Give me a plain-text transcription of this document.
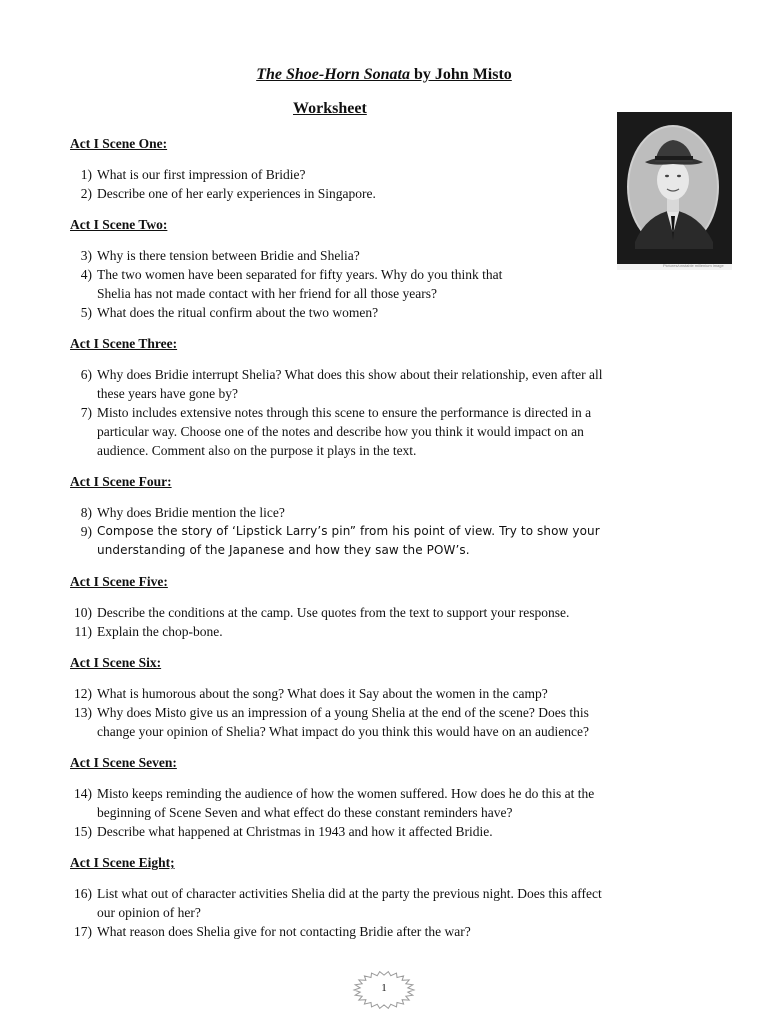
The Shoe-Horn Sonata by John Misto
Worksheet
Pictures/unstable millenium image

Act I Scene One:

1) What is our first impression of Bridie?
2) Describe one of her early experiences in Singapore.

Act I Scene Two:

3) Why is there tension between Bridie and Shelia?
4) The two women have been separated for fifty years. Why do you think that
Shelia has not made contact with her friend for all those years?
5) What does the ritual confirm about the two women?

Act I Scene Three:

6) Why does Bridie interrupt Shelia? What does this show about their relationship, even after all
these years have gone by?
7) Misto includes extensive notes through this scene to ensure the performance is directed in a
particular way. Choose one of the notes and describe how you think it would impact on an
audience. Comment also on the purpose it plays in the text.

Act I Scene Four:

8) Why does Bridie mention the lice?
9) Compose the story of ‘Lipstick Larry’s pin” from his point of view. Try to show your
understanding of the Japanese and how they saw the POW’s.

Act I Scene Five:

10) Describe the conditions at the camp. Use quotes from the text to support your response.
11) Explain the chop-bone.

Act I Scene Six:

12) What is humorous about the song? What does it Say about the women in the camp?
13) Why does Misto give us an impression of a young Shelia at the end of the scene? Does this
change your opinion of Shelia? What impact do you think this would have on an audience?

Act I Scene Seven:

14) Misto keeps reminding the audience of how the women suffered. How does he do this at the
beginning of Scene Seven and what effect do these constant reminders have?
15) Describe what happened at Christmas in 1943 and how it affected Bridie.

Act I Scene Eight;

16) List what out of character activities Shelia did at the party the previous night. Does this affect
our opinion of her?
17) What reason does Shelia give for not contacting Bridie after the war?
1
